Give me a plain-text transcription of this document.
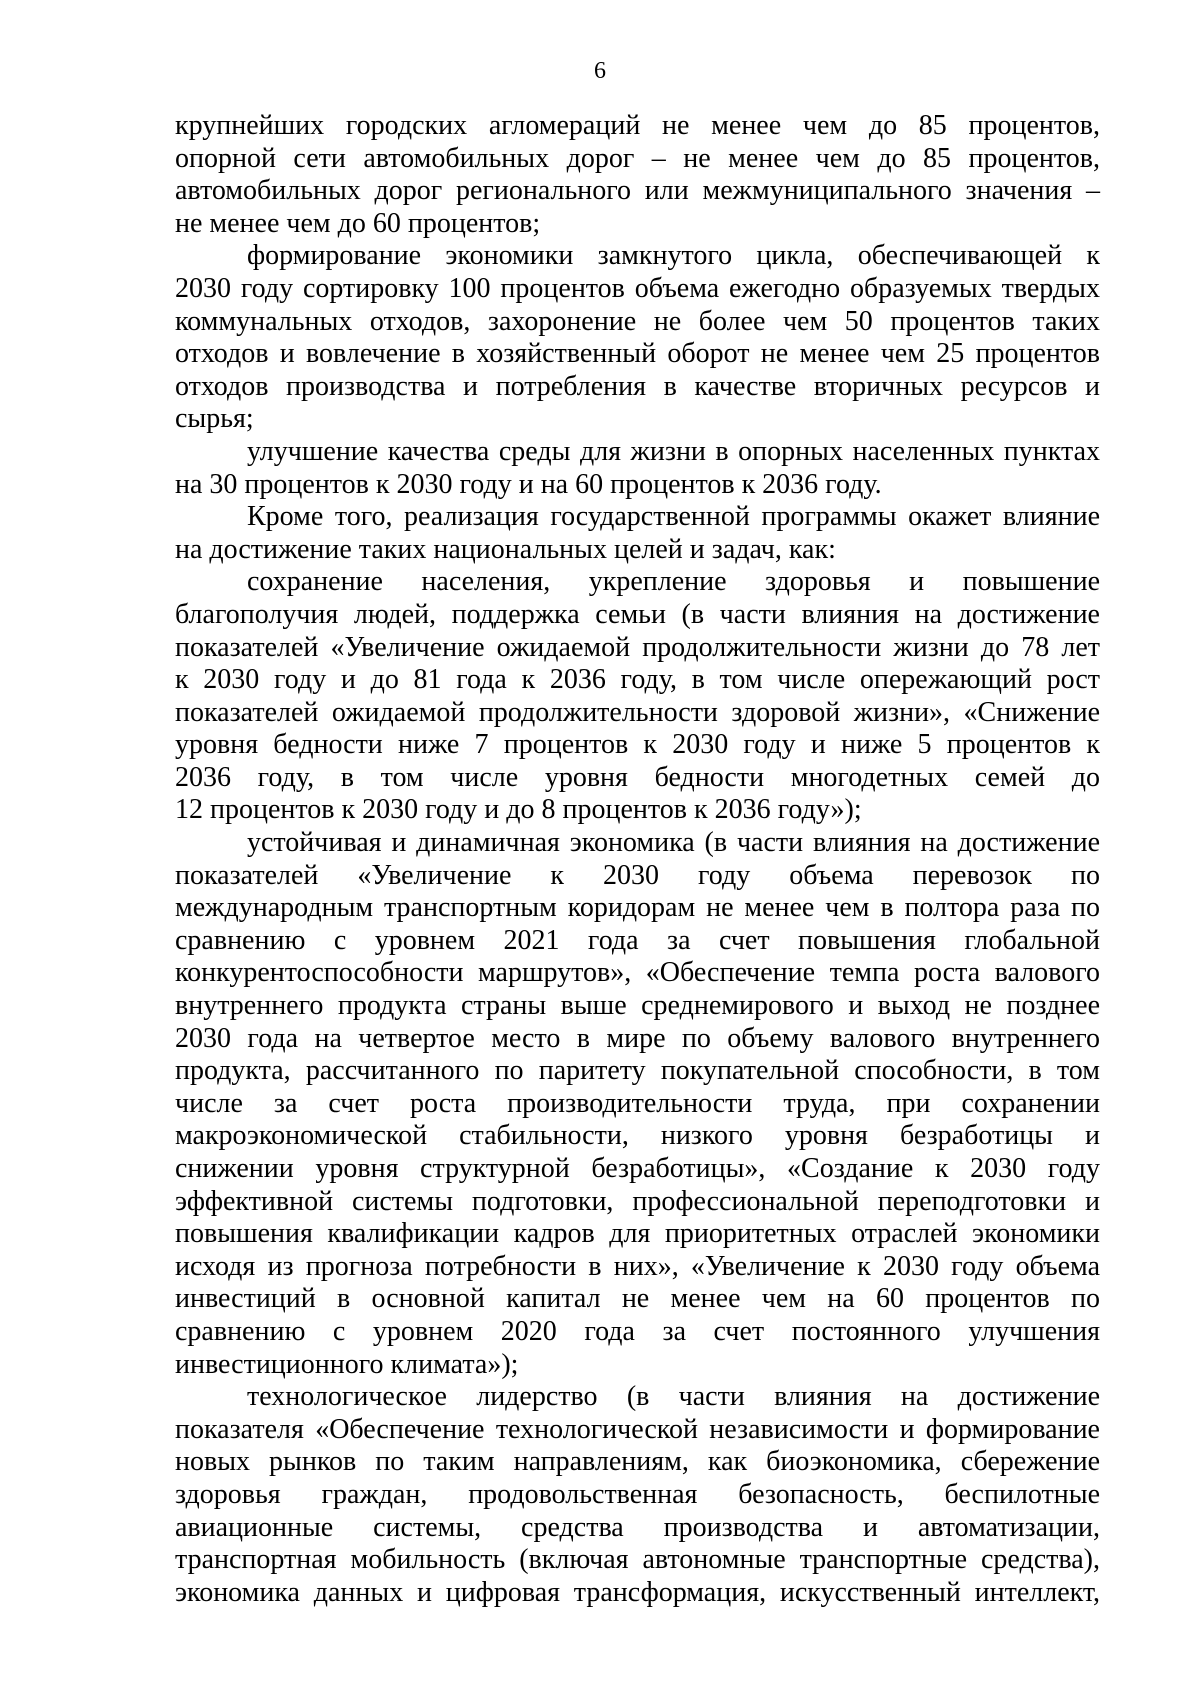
6
крупнейших городских агломераций не менее чем до 85 процентов,
опорной сети автомобильных дорог – не менее чем до 85 процентов,
автомобильных дорог регионального или межмуниципального значения –
не менее чем до 60 процентов;
формирование экономики замкнутого цикла, обеспечивающей к
2030 году сортировку 100 процентов объема ежегодно образуемых твердых
коммунальных отходов, захоронение не более чем 50 процентов таких
отходов и вовлечение в хозяйственный оборот не менее чем 25 процентов
отходов производства и потребления в качестве вторичных ресурсов и
сырья;
улучшение качества среды для жизни в опорных населенных пунктах
на 30 процентов к 2030 году и на 60 процентов к 2036 году.
Кроме того, реализация государственной программы окажет влияние
на достижение таких национальных целей и задач, как:
сохранение населения, укрепление здоровья и повышение
благополучия людей, поддержка семьи (в части влияния на достижение
показателей «Увеличение ожидаемой продолжительности жизни до 78 лет
к 2030 году и до 81 года к 2036 году, в том числе опережающий рост
показателей ожидаемой продолжительности здоровой жизни», «Снижение
уровня бедности ниже 7 процентов к 2030 году и ниже 5 процентов к
2036 году, в том числе уровня бедности многодетных семей до
12 процентов к 2030 году и до 8 процентов к 2036 году»);
устойчивая и динамичная экономика (в части влияния на достижение
показателей «Увеличение к 2030 году объема перевозок по
международным транспортным коридорам не менее чем в полтора раза по
сравнению с уровнем 2021 года за счет повышения глобальной
конкурентоспособности маршрутов», «Обеспечение темпа роста валового
внутреннего продукта страны выше среднемирового и выход не позднее
2030 года на четвертое место в мире по объему валового внутреннего
продукта, рассчитанного по паритету покупательной способности, в том
числе за счет роста производительности труда, при сохранении
макроэкономической стабильности, низкого уровня безработицы и
снижении уровня структурной безработицы», «Создание к 2030 году
эффективной системы подготовки, профессиональной переподготовки и
повышения квалификации кадров для приоритетных отраслей экономики
исходя из прогноза потребности в них», «Увеличение к 2030 году объема
инвестиций в основной капитал не менее чем на 60 процентов по
сравнению с уровнем 2020 года за счет постоянного улучшения
инвестиционного климата»);
технологическое лидерство (в части влияния на достижение
показателя «Обеспечение технологической независимости и формирование
новых рынков по таким направлениям, как биоэкономика, сбережение
здоровья граждан, продовольственная безопасность, беспилотные
авиационные системы, средства производства и автоматизации,
транспортная мобильность (включая автономные транспортные средства),
экономика данных и цифровая трансформация, искусственный интеллект,
